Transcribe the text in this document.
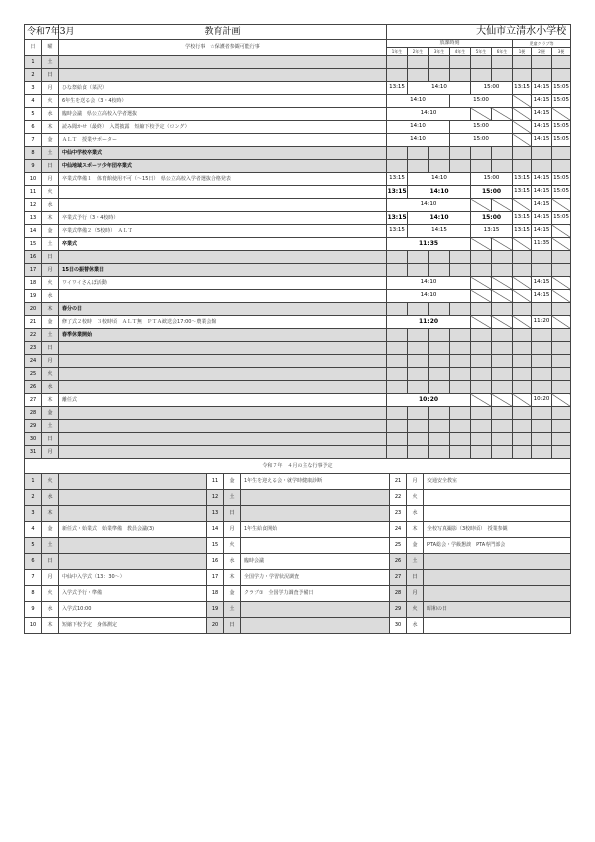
令和7年3月		教育計画	大仙市立清水小学校								
日	曜	学校行事　☆保護者参観可能行事	放課時刻						児童クラブ等		
			1年生	2年生	3年生	4年生	5年生	6年生	1便	2便	3便
1	土										
2	日										
3	月	ひな祭給食（菜沢）	13:15	14:10			15:00		13:15	14:15	15:05
4	火	6年生を送る会（3・4校時）	14:10			15:00				14:15	15:05
5	水	臨時会議　県公立高校入学者選抜	14:10							14:15	
6	木	読み聞かせ（最終）　入賞披露　短縮下校予定（ロング）	14:10			15:00				14:15	15:05
7	金	ＡＬＴ　授業サポーター	14:10			15:00				14:15	15:05
8	土	中仙中学校卒業式									
9	日	中仙地域スポーツ少年団卒業式									
10	月	卒業式準備１　体育館使用不可（～15日）　県公立高校入学者選抜合格発表	13:15	14:10			15:00		13:15	14:15	15:05
11	火		13:15	14:10			15:00		13:15	14:15	15:05
12	水		14:10							14:15	
13	木	卒業式予行（3・4校時）	13:15	14:10			15:00		13:15	14:15	15:05
14	金	卒業式準備２（5校時）　ＡＬＴ	13:15	14:15			13:15		13:15	14:15	
15	土	卒業式	11:35							11:35	
16	日										
17	月	15日の振替休業日									
18	火	ワイワイさんぽ活動	14:10							14:15	
19	水		14:10							14:15	
20	木	春分の日									
21	金	修了式２校時　３校時頃　ＡＬＴ無　ＰＴＡ歓送会17:00～農業会館	11:20							11:20	
22	土	春季休業開始									
23	日										
24	月										
25	火										
26	水										
27	木	離任式	10:20							10:20	
28	金										
29	土										
30	日										
31	月										
令和７年　４月の主な行事予定								
1	火		11	金	1年生を迎える会・就学時健康診断	21	月	交通安全教室
2	水		12	土		22	火	
3	木		13	日		23	水	
4	金	新任式・始業式　始業準備　教員会議(3)	14	月	1年生給食開始	24	木	全校写真撮影（3校時頃）　授業参観
5	土		15	火		25	金	PTA総会・学級懇談　PTA専門部会
6	日		16	水	臨時会議	26	土	
7	月	中仙中入学式（13：30～）	17	木	全国学力・学習状況調査	27	日	
8	火	入学式予行・準備	18	金	クラブ①　全国学力調査予備日	28	月	
9	水	入学式10:00	19	土		29	火	昭和の日
10	木	短縮下校予定　身体測定	20	日		30	水	
